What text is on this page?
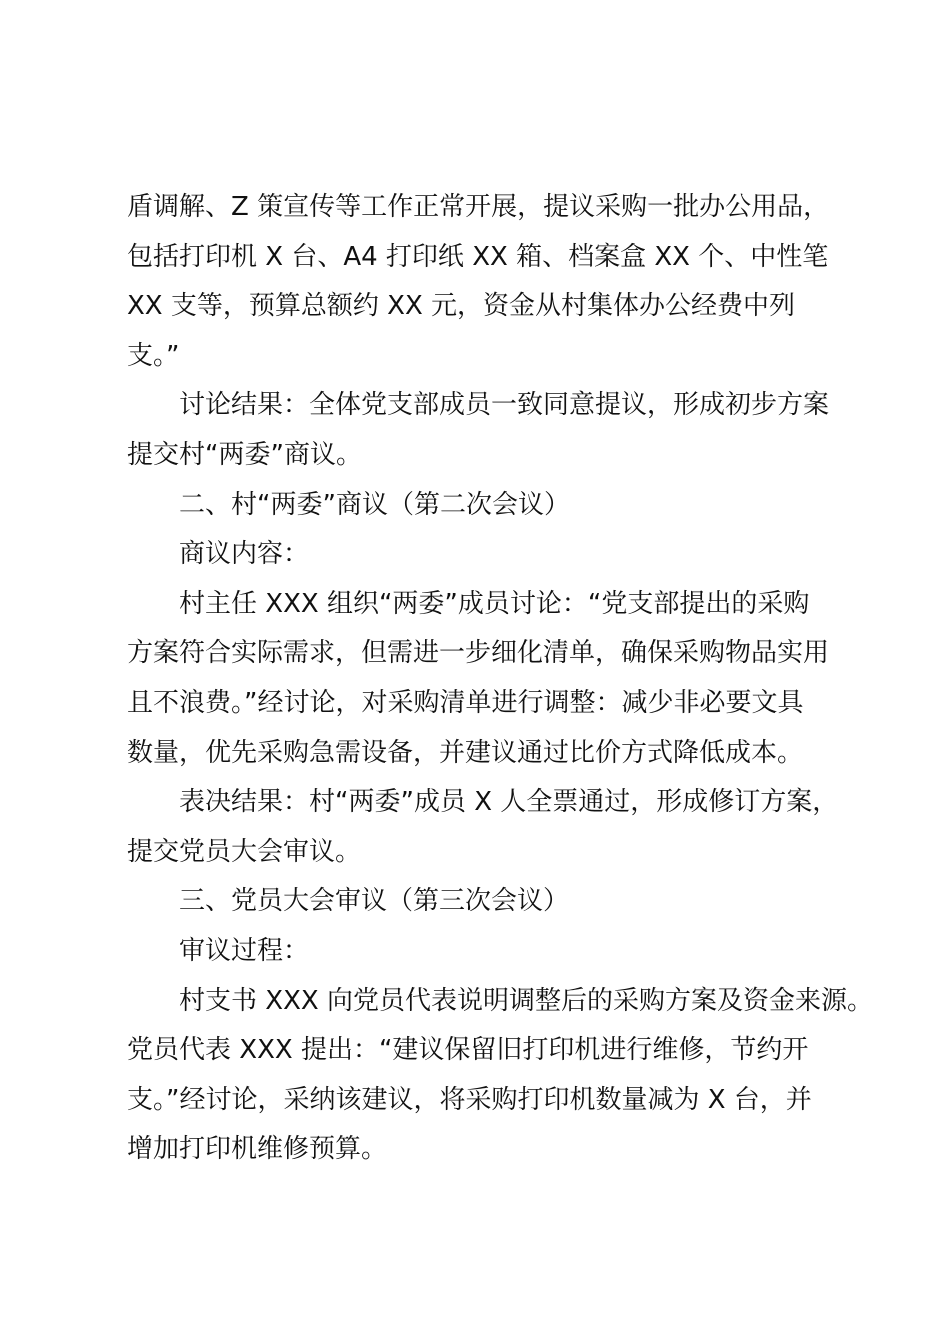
盾调解、Z 策宣传等工作正常开展，提议采购一批办公用品，
包括打印机 X 台、A4 打印纸 XX 箱、档案盒 XX 个、中性笔
XX 支等，预算总额约 XX 元，资金从村集体办公经费中列
支。”
讨论结果：全体党支部成员一致同意提议，形成初步方案
提交村“两委”商议。
二、村“两委”商议（第二次会议）
商议内容：
村主任 XXX 组织“两委”成员讨论：“党支部提出的采购
方案符合实际需求，但需进一步细化清单，确保采购物品实用
且不浪费。”经讨论，对采购清单进行调整：减少非必要文具
数量，优先采购急需设备，并建议通过比价方式降低成本。
表决结果：村“两委”成员 X 人全票通过，形成修订方案，
提交党员大会审议。
三、党员大会审议（第三次会议）
审议过程：
村支书 XXX 向党员代表说明调整后的采购方案及资金来源。
党员代表 XXX 提出：“建议保留旧打印机进行维修，节约开
支。”经讨论，采纳该建议，将采购打印机数量减为 X 台，并
增加打印机维修预算。
